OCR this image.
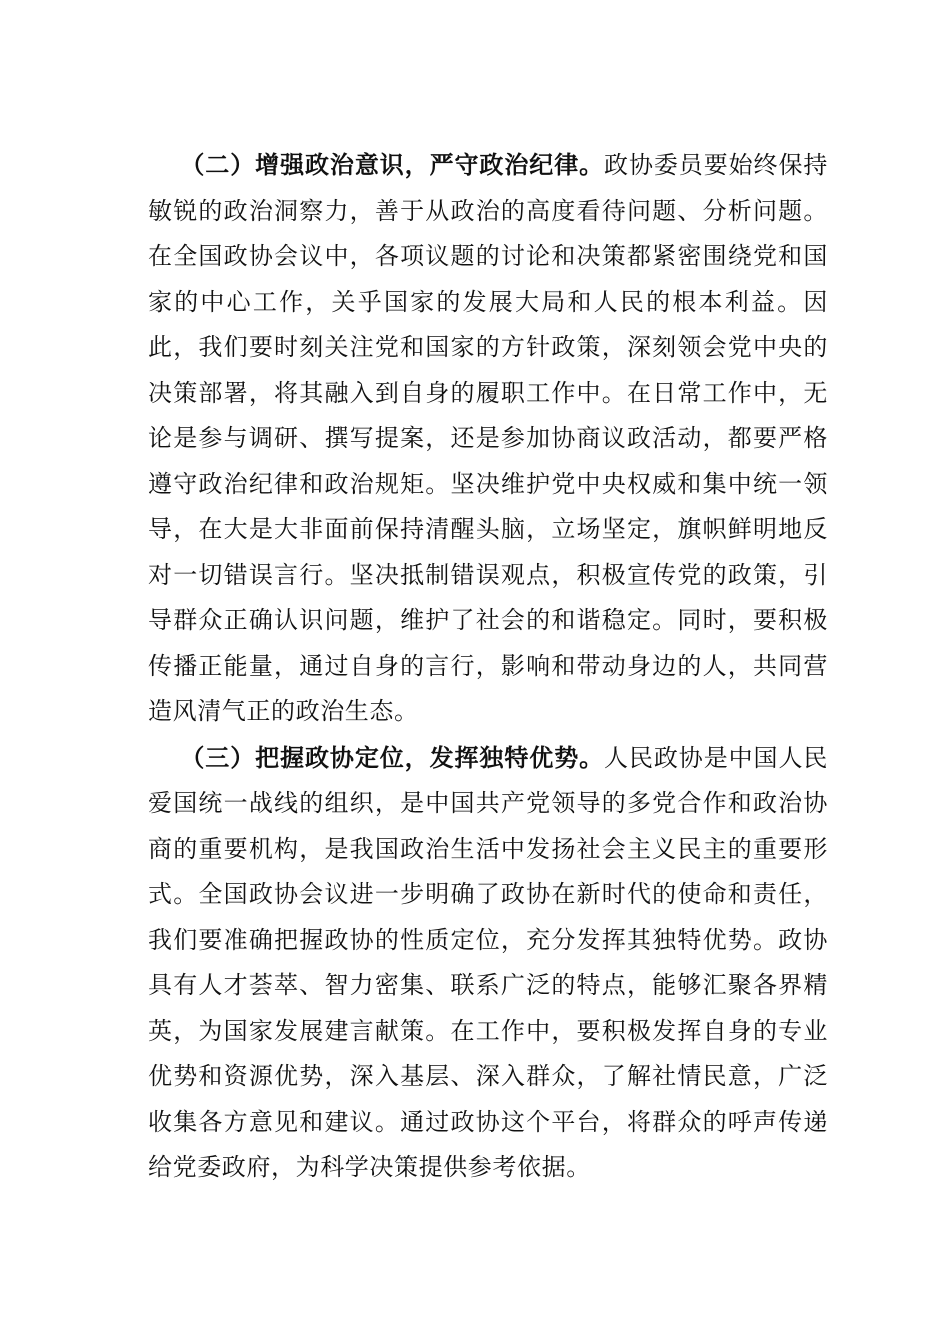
（二）增强政治意识，严守政治纪律。政协委员要始终保持敏锐的政治洞察力，善于从政治的高度看待问题、分析问题。在全国政协会议中，各项议题的讨论和决策都紧密围绕党和国家的中心工作，关乎国家的发展大局和人民的根本利益。因此，我们要时刻关注党和国家的方针政策，深刻领会党中央的决策部署，将其融入到自身的履职工作中。在日常工作中，无论是参与调研、撰写提案，还是参加协商议政活动，都要严格遵守政治纪律和政治规矩。坚决维护党中央权威和集中统一领导，在大是大非面前保持清醒头脑，立场坚定，旗帜鲜明地反对一切错误言行。坚决抵制错误观点，积极宣传党的政策，引导群众正确认识问题，维护了社会的和谐稳定。同时，要积极传播正能量，通过自身的言行，影响和带动身边的人，共同营造风清气正的政治生态。

（三）把握政协定位，发挥独特优势。人民政协是中国人民爱国统一战线的组织，是中国共产党领导的多党合作和政治协商的重要机构，是我国政治生活中发扬社会主义民主的重要形式。全国政协会议进一步明确了政协在新时代的使命和责任，我们要准确把握政协的性质定位，充分发挥其独特优势。政协具有人才荟萃、智力密集、联系广泛的特点，能够汇聚各界精英，为国家发展建言献策。在工作中，要积极发挥自身的专业优势和资源优势，深入基层、深入群众，了解社情民意，广泛收集各方意见和建议。通过政协这个平台，将群众的呼声传递给党委政府，为科学决策提供参考依据。
